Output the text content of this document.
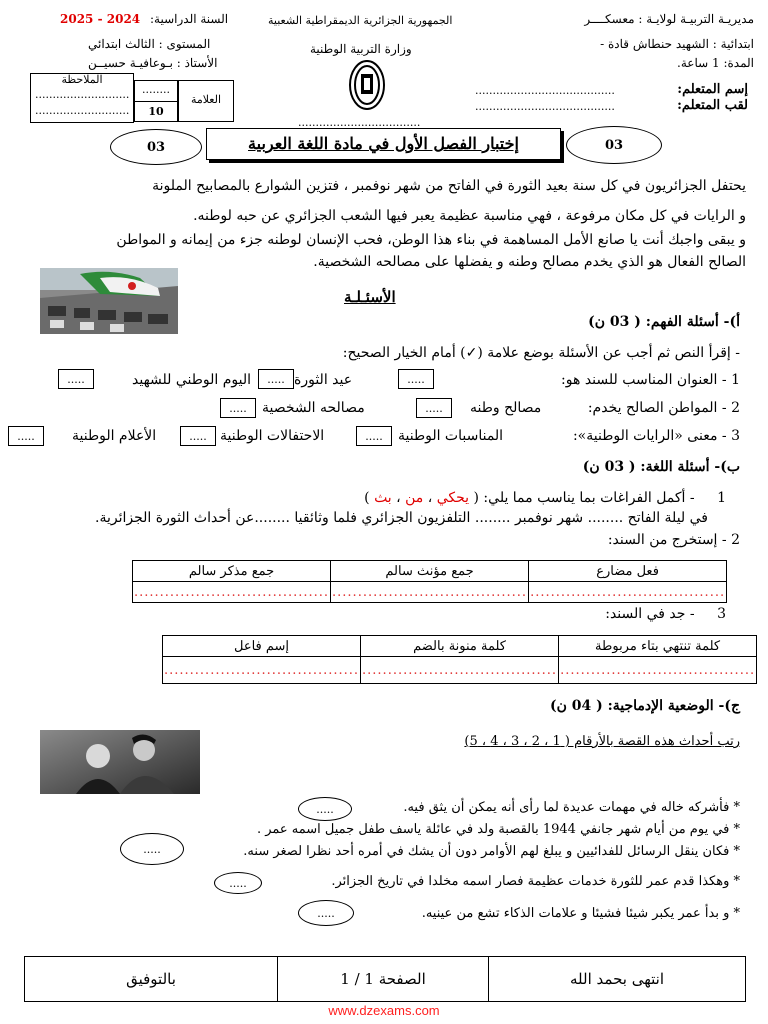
مديريـة التربيـة لولايـة : معسكــــر
ابتدائية : الشهيد حنطاش قادة -
المدة: 1 ساعة.
الجمهورية الجزائرية الديمقراطية الشعبية
وزارة التربية الوطنية
السنة الدراسية: 2024 - 2025
المستوى : الثالث ابتدائي
الأستاذ : بـوعافيـة حسيــن
إسم المتعلم:
لقب المتعلم:
........................................
........................................
الملاحظة
...........................
...........................
........
10
العلامة
...................................
إختبار الفصل الأول في مادة اللغة العربية
03	03
يحتفل الجزائريون في كل سنة بعيد الثورة في الفاتح من شهر نوفمبر ، فتزين الشوارع بالمصابيح الملونة
و الرايات في كل مكان مرفوعة ، فهي مناسبة عظيمة يعبر فيها الشعب الجزائري عن حبه لوطنه.
و يبقى واجبك أنت يا صانع الأمل المساهمة في بناء هذا الوطن، فحب الإنسان لوطنه جزء من إيمانه و المواطن
الصالح الفعال هو الذي يخدم مصالح وطنه و يفضلها على مصالحه الشخصية.
الأسئـلـة
أ)- أسئلة الفهم: ( 03 ن)
- إقرأ النص ثم أجب عن الأسئلة بوضع علامة (✓) أمام الخيار الصحيح:
1 - العنوان المناسب للسند هو:
.....
عيد الثورة
.....
اليوم الوطني للشهيد
.....
2 - المواطن الصالح يخدم:
مصالح وطنه
.....
مصالحه الشخصية
.....
3 - معنى «الرايات الوطنية»:
المناسبات الوطنية
.....
الاحتفالات الوطنية
.....
الأعلام الوطنية
.....
ب)- أسئلة اللغة: ( 03 ن)
1 - أكمل الفراغات بما يناسب مما يلي: ( يحكي ، من ، بث )
في ليلة الفاتح ........ شهر نوفمبر ........ التلفزيون الجزائري فلما وثائقيا ........عن أحداث الثورة الجزائرية.
2 - إستخرج من السند:
فعل مضارع	جمع مؤنث سالم	جمع مذكر سالم
......................................	......................................	......................................
3 - جد في السند:
كلمة تنتهي بتاء مربوطة	كلمة منونة بالضم	إسم فاعل
......................................	......................................	......................................
ج)- الوضعية الإدماجية: ( 04 ن)
رتب أحداث هذه القصة بالأرقام ( 1 ، 2 ، 3 ، 4 ، 5)
* فأشركه خاله في مهمات عديدة لما رأى أنه يمكن أن يثق فيه.
.....
* في يوم من أيام شهر جانفي 1944 بالقصبة ولد في عائلة ياسف طفل جميل اسمه عمر .
* فكان ينقل الرسائل للفدائيين و يبلغ لهم الأوامر دون أن يشك في أمره أحد نظرا لصغر سنه.
.....
* وهكذا قدم عمر للثورة خدمات عظيمة فصار اسمه مخلدا في تاريخ الجزائر.
.....
* و بدأ عمر يكبر شيئا فشيئا و علامات الذكاء تشع من عينيه.
.....
انتهى بحمد الله
الصفحة 1 / 1
بالتوفيق
www.dzexams.com
